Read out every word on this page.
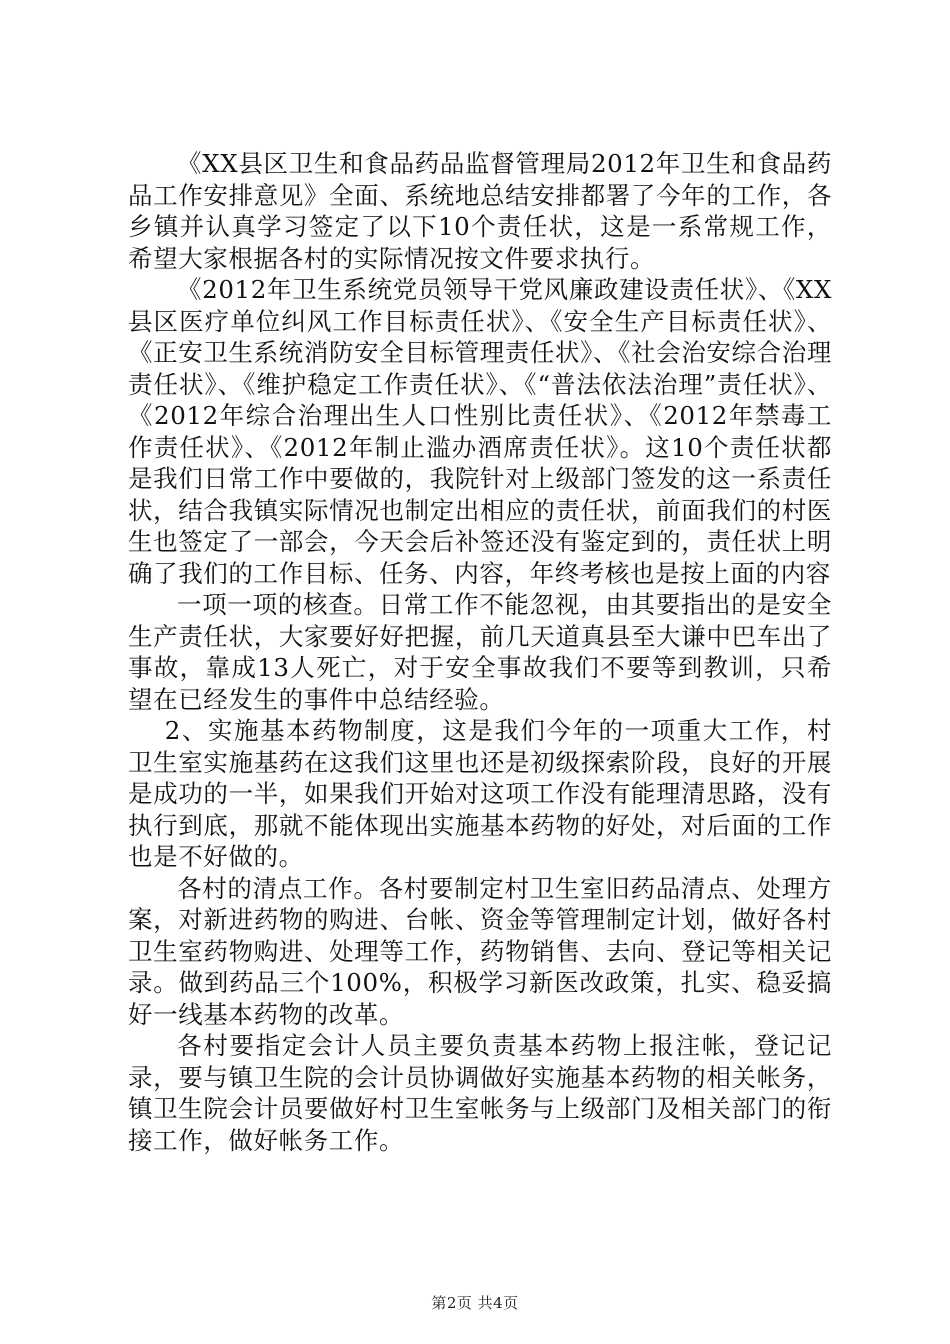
《XX县区卫生和食品药品监督管理局2012年卫生和食品药品工作安排意见》全面、系统地总结安排都署了今年的工作，各乡镇并认真学习签定了以下10个责任状，这是一系常规工作，希望大家根据各村的实际情况按文件要求执行。

《2012年卫生系统党员领导干党风廉政建设责任状》、《XX县区医疗单位纠风工作目标责任状》、《安全生产目标责任状》、《正安卫生系统消防安全目标管理责任状》、《社会治安综合治理责任状》、《维护稳定工作责任状》、《“普法依法治理”责任状》、《2012年综合治理出生人口性别比责任状》、《2012年禁毒工作责任状》、《2012年制止滥办酒席责任状》。这10个责任状都是我们日常工作中要做的，我院针对上级部门签发的这一系责任状，结合我镇实际情况也制定出相应的责任状，前面我们的村医生也签定了一部会，今天会后补签还没有鉴定到的，责任状上明确了我们的工作目标、任务、内容，年终考核也是按上面的内容

一项一项的核查。日常工作不能忽视，由其要指出的是安全生产责任状，大家要好好把握，前几天道真县至大谦中巴车出了事故，靠成13人死亡，对于安全事故我们不要等到教训，只希望在已经发生的事件中总结经验。

2、实施基本药物制度，这是我们今年的一项重大工作，村卫生室实施基药在这我们这里也还是初级探索阶段，良好的开展是成功的一半，如果我们开始对这项工作没有能理清思路，没有执行到底，那就不能体现出实施基本药物的好处，对后面的工作也是不好做的。

各村的清点工作。各村要制定村卫生室旧药品清点、处理方案，对新进药物的购进、台帐、资金等管理制定计划，做好各村卫生室药物购进、处理等工作，药物销售、去向、登记等相关记录。做到药品三个100%，积极学习新医改政策，扎实、稳妥搞好一线基本药物的改革。

各村要指定会计人员主要负责基本药物上报注帐，登记记录，要与镇卫生院的会计员协调做好实施基本药物的相关帐务，镇卫生院会计员要做好村卫生室帐务与上级部门及相关部门的衔接工作，做好帐务工作。

第2页 共4页
